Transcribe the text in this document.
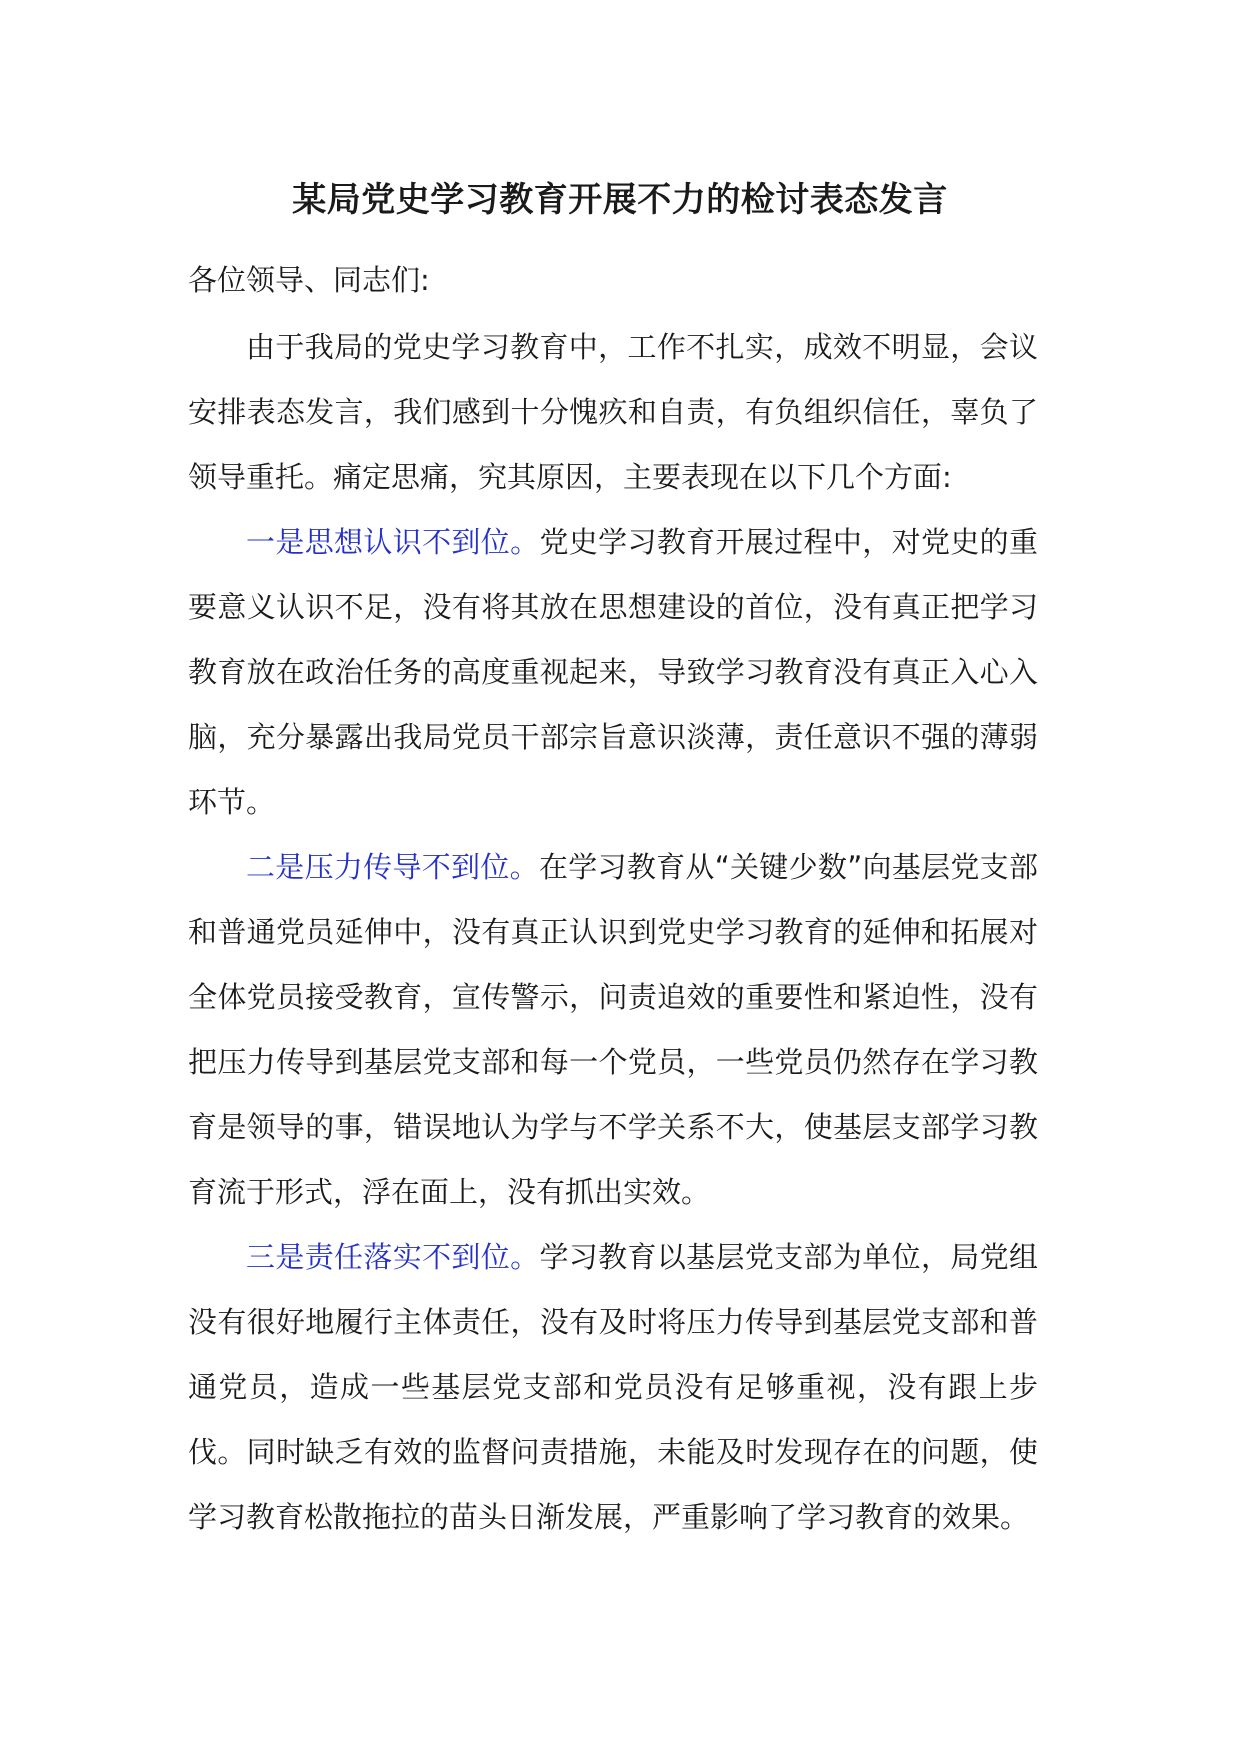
某局党史学习教育开展不力的检讨表态发言

各位领导、同志们:

由于我局的党史学习教育中，工作不扎实，成效不明显，会议安排表态发言，我们感到十分愧疚和自责，有负组织信任，辜负了领导重托。痛定思痛，究其原因，主要表现在以下几个方面:

一是思想认识不到位。党史学习教育开展过程中，对党史的重要意义认识不足，没有将其放在思想建设的首位，没有真正把学习教育放在政治任务的高度重视起来，导致学习教育没有真正入心入脑，充分暴露出我局党员干部宗旨意识淡薄，责任意识不强的薄弱环节。

二是压力传导不到位。在学习教育从“关键少数”向基层党支部和普通党员延伸中，没有真正认识到党史学习教育的延伸和拓展对全体党员接受教育，宣传警示，问责追效的重要性和紧迫性，没有把压力传导到基层党支部和每一个党员，一些党员仍然存在学习教育是领导的事，错误地认为学与不学关系不大，使基层支部学习教育流于形式，浮在面上，没有抓出实效。

三是责任落实不到位。学习教育以基层党支部为单位，局党组没有很好地履行主体责任，没有及时将压力传导到基层党支部和普通党员，造成一些基层党支部和党员没有足够重视，没有跟上步伐。同时缺乏有效的监督问责措施，未能及时发现存在的问题，使学习教育松散拖拉的苗头日渐发展，严重影响了学习教育的效果。
